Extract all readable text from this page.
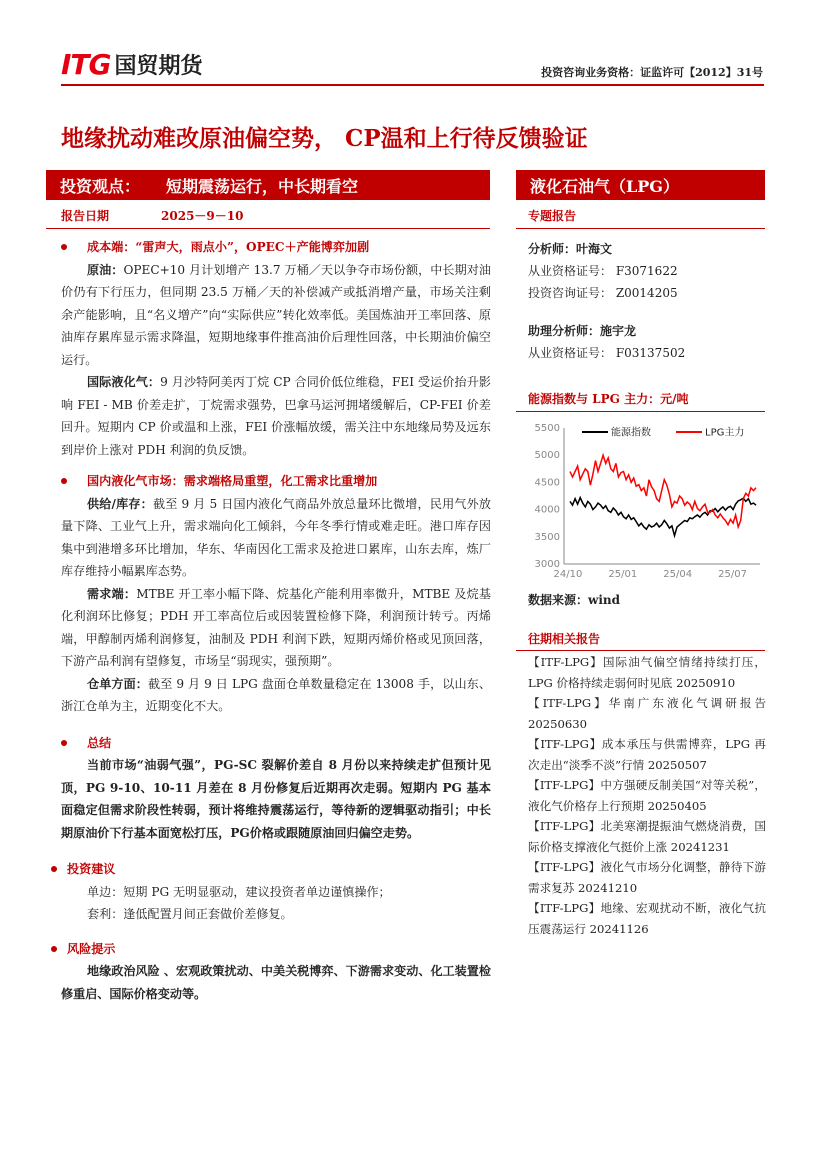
ITG 国贸期货	投资咨询业务资格：证监许可【2012】31号
地缘扰动难改原油偏空势， CP温和上行待反馈验证
投资观点： 短期震荡运行，中长期看空	液化石油气（LPG）
报告日期	2025－9－10	专题报告

成本端：“雷声大，雨点小”，OPEC＋产能博弈加剧

原油：OPEC+10 月计划增产 13.7 万桶／天以争夺市场份额，中长期对油价仍有下行压力，但同期 23.5 万桶／天的补偿减产或抵消增产量，市场关注剩余产能影响，且“名义增产”向“实际供应”转化效率低。美国炼油开工率回落、原油库存累库显示需求降温，短期地缘事件推高油价后理性回落，中长期油价偏空运行。

国际液化气：9 月沙特阿美丙丁烷 CP 合同价低位维稳，FEI 受运价抬升影响 FEI - MB 价差走扩，丁烷需求强势，巴拿马运河拥堵缓解后，CP-FEI 价差回升。短期内 CP 价或温和上涨，FEI 价涨幅放缓，需关注中东地缘局势及远东到岸价上涨对 PDH 利润的负反馈。

国内液化气市场：需求端格局重塑，化工需求比重增加

供给/库存：截至 9 月 5 日国内液化气商品外放总量环比微增，民用气外放量下降、工业气上升，需求端向化工倾斜，今年冬季行情或难走旺。港口库存因集中到港增多环比增加，华东、华南因化工需求及抢进口累库，山东去库，炼厂库存维持小幅累库态势。

需求端：MTBE 开工率小幅下降、烷基化产能利用率微升，MTBE 及烷基化利润环比修复；PDH 开工率高位后或因装置检修下降，利润预计转亏。丙烯端，甲醇制丙烯利润修复，油制及 PDH 利润下跌，短期丙烯价格或见顶回落，下游产品利润有望修复，市场呈“弱现实，强预期”。

仓单方面：截至 9 月 9 日 LPG 盘面仓单数量稳定在 13008 手，以山东、浙江仓单为主，近期变化不大。

总结

当前市场“油弱气强”，PG-SC 裂解价差自 8 月份以来持续走扩但预计见顶，PG 9-10、10-11 月差在 8 月份修复后近期再次走弱。短期内 PG 基本面稳定但需求阶段性转弱，预计将维持震荡运行，等待新的逻辑驱动指引；中长期原油价下行基本面宽松打压，PG价格或跟随原油回归偏空走势。

投资建议

单边：短期 PG 无明显驱动，建议投资者单边谨慎操作；

套利：逢低配置月间正套做价差修复。

风险提示

地缘政治风险 、宏观政策扰动、中美关税博弈、下游需求变动、化工装置检修重启、国际价格变动等。

分析师：叶海文
从业资格证号： F3071622
投资咨询证号： Z0014205
助理分析师：施宇龙
从业资格证号： F03137502
能源指数与 LPG 主力：元/吨
5500
5000
4500
4000
3500
3000
24/10	25/01	25/04	25/07
能源指数	LPG主力
数据来源：wind
往期相关报告

【ITF-LPG】国际油气偏空情绪持续打压，LPG 价格持续走弱何时见底 20250910

【ITF-LPG】华南广东液化气调研报告 20250630

【ITF-LPG】成本承压与供需博弈，LPG 再次走出“淡季不淡”行情 20250507

【ITF-LPG】中方强硬反制美国“对等关税”，液化气价格存上行预期 20250405

【ITF-LPG】北美寒潮提振油气燃烧消费，国际价格支撑液化气挺价上涨 20241231

【ITF-LPG】液化气市场分化调整，静待下游需求复苏 20241210

【ITF-LPG】地缘、宏观扰动不断，液化气抗压震荡运行 20241126
